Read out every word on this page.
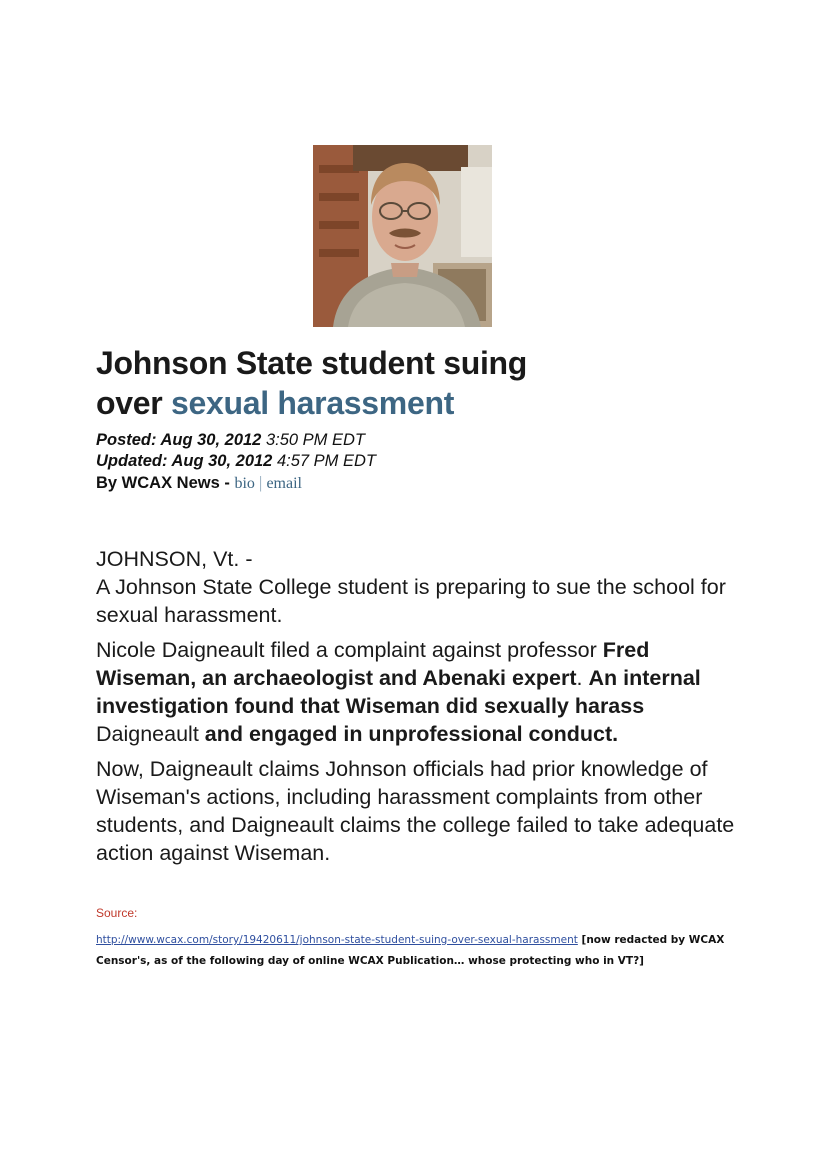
Johnson State student suing
over sexual harassment
Posted: Aug 30, 2012 3:50 PM EDT
Updated: Aug 30, 2012 4:57 PM EDT
By WCAX News - bio | email
JOHNSON, Vt. -

A Johnson State College student is preparing to sue the school for sexual harassment.

Nicole Daigneault filed a complaint against professor Fred Wiseman, an archaeologist and Abenaki expert. An internal investigation found that Wiseman did sexually harass Daigneault and engaged in unprofessional conduct.

Now, Daigneault claims Johnson officials had prior knowledge of Wiseman's actions, including harassment complaints from other students, and Daigneault claims the college failed to take adequate action against Wiseman.

Source:
http://www.wcax.com/story/19420611/johnson-state-student-suing-over-sexual-harassment [now redacted by WCAX Censor's, as of the following day of online WCAX Publication… whose protecting who in VT?]
